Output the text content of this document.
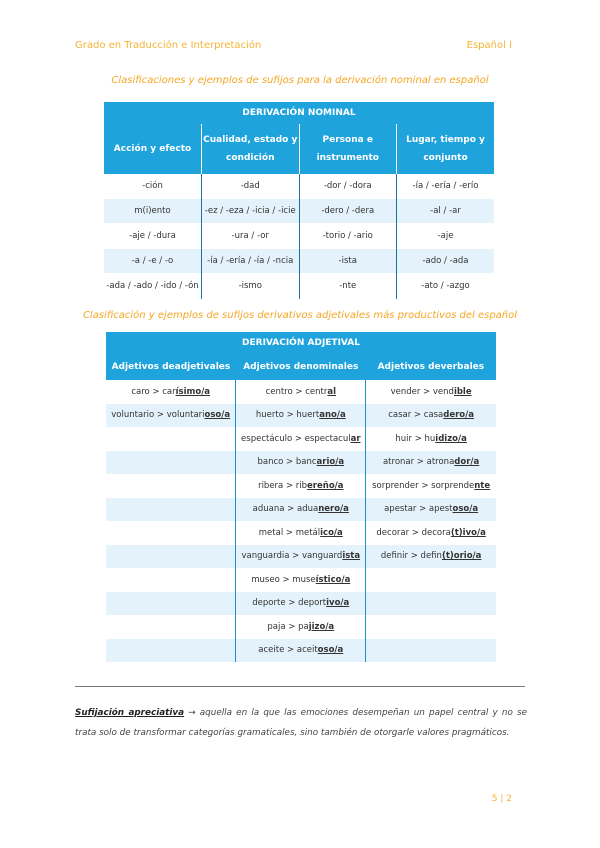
Grado en Traducción e Interpretación	Español I
Clasificaciones y ejemplos de sufijos para la derivación nominal en español
DERIVACIÓN NOMINAL			
Acción y efecto	Cualidad, estado y condición	Persona e instrumento	Lugar, tiempo y conjunto
-ción	-dad	-dor / -dora	-ía / -ería / -erío
m(i)ento	-ez / -eza / -icia / -icie	-dero / -dera	-al / -ar
-aje / -dura	-ura / -or	-torio / -ario	-aje
-a / -e / -o	-ía / -ería / -ía / -ncia	-ista	-ado / -ada
-ada / -ado / -ido / -ón	-ismo	-nte	-ato / -azgo
Clasificación y ejemplos de sufijos derivativos adjetivales más productivos del español
DERIVACIÓN ADJETIVAL		
Adjetivos deadjetivales	Adjetivos denominales	Adjetivos deverbales
caro > carísimo/a	centro > central	vender > vendible
voluntario > voluntarioso/a	huerto > huertano/a	casar > casadero/a
	espectáculo > espectacular	huir > huidizo/a
	banco > bancario/a	atronar > atronador/a
	ribera > ribereño/a	sorprender > sorprendente
	aduana > aduanero/a	apestar > apestoso/a
	metal > metálico/a	decorar > decora(t)ivo/a
	vanguardia > vanguardista	definir > defin(t)orio/a
	museo > museístico/a	
	deporte > deportivo/a	
	paja > pajizo/a	
	aceite > aceitoso/a	
Sufijación apreciativa → aquella en la que las emociones desempeñan un papel central y no se trata solo de transformar categorías gramaticales, sino también de otorgarle valores pragmáticos.
5 | 2
